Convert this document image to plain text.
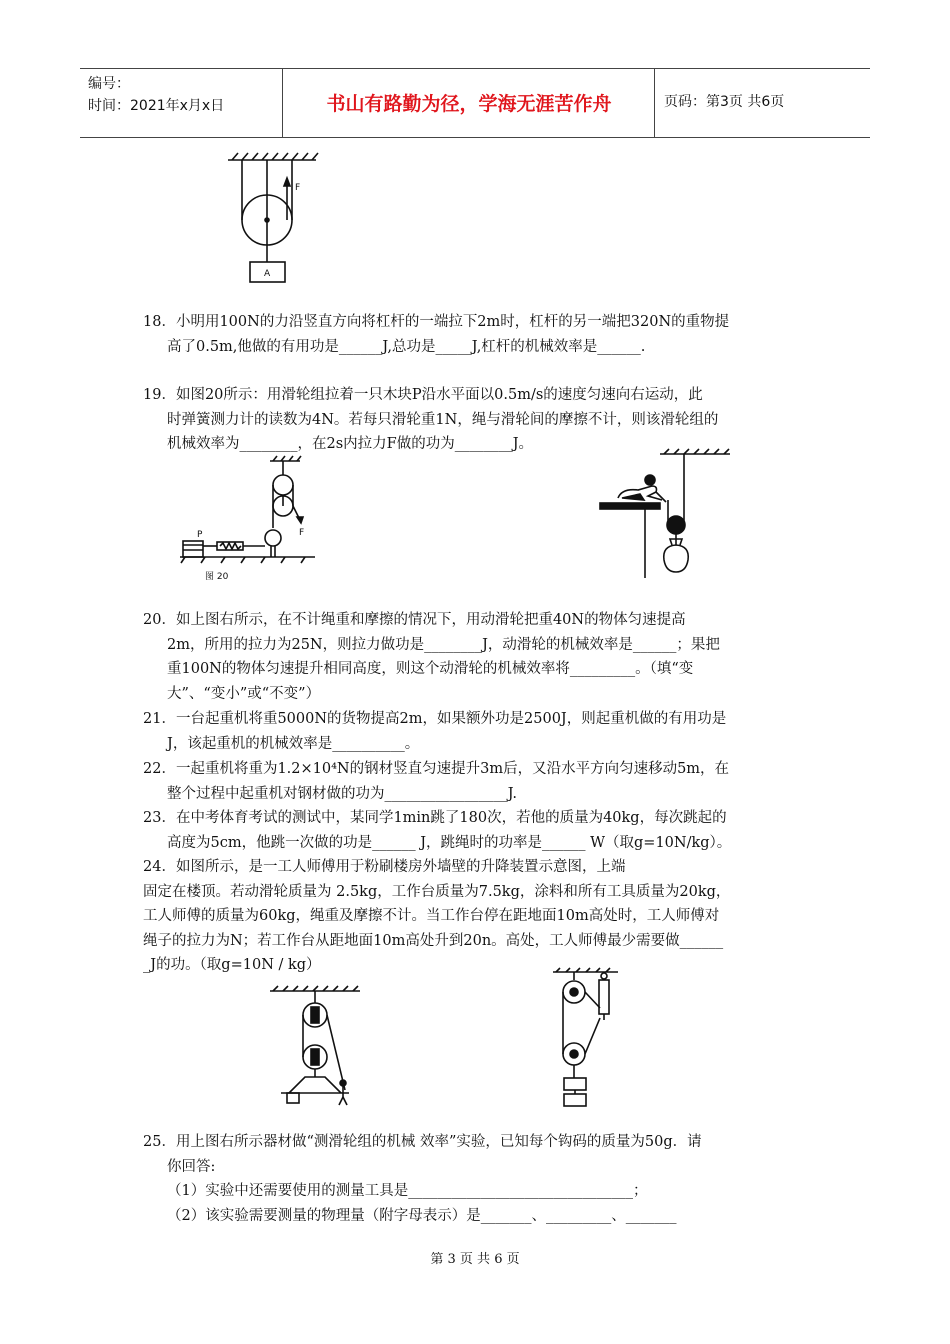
编号：
时间：2021年x月x日	书山有路勤为径，学海无涯苦作舟	页码：第3页 共6页
F
A
18．小明用100N的力沿竖直方向将杠杆的一端拉下2m时，杠杆的另一端把320N的重物提
高了0.5m,他做的有用功是______J,总功是_____J,杠杆的机械效率是______.
19．如图20所示：用滑轮组拉着一只木块P沿水平面以0.5m/s的速度匀速向右运动，此
时弹簧测力计的读数为4N。若每只滑轮重1N，绳与滑轮间的摩擦不计，则该滑轮组的
机械效率为________，在2s内拉力F做的功为________J。
F
P
图 20
20．如上图右所示，在不计绳重和摩擦的情况下，用动滑轮把重40N的物体匀速提高
2m，所用的拉力为25N，则拉力做功是________J，动滑轮的机械效率是______；果把
重100N的物体匀速提升相同高度，则这个动滑轮的机械效率将_________。（填“变
大”、“变小”或“不变”）
21．一台起重机将重5000N的货物提高2m，如果额外功是2500J，则起重机做的有用功是
J，该起重机的机械效率是__________。
22．一起重机将重为1.2×10⁴N的钢材竖直匀速提升3m后，又沿水平方向匀速移动5m，在
整个过程中起重机对钢材做的功为_________________J.
23．在中考体育考试的测试中，某同学1min跳了180次，若他的质量为40kg，每次跳起的
高度为5cm，他跳一次做的功是______ J，跳绳时的功率是______ W（取g=10N/kg）。
24．如图所示，是一工人师傅用于粉刷楼房外墙壁的升降装置示意图，上端
固定在楼顶。若动滑轮质量为 2.5kg，工作台质量为7.5kg，涂料和所有工具质量为20kg，
工人师傅的质量为60kg，绳重及摩擦不计。当工作台停在距地面10m高处时，工人师傅对
绳子的拉力为N；若工作台从距地面10m高处升到20n。高处，工人师傅最少需要做______
_J的功。（取g=10N / kg）
25．用上图右所示器材做“测滑轮组的机械 效率”实验，已知每个钩码的质量为50g．请
你回答:
（1）实验中还需要使用的测量工具是_______________________________；
（2）该实验需要测量的物理量（附字母表示）是_______、_________、_______
第 3 页 共 6 页
